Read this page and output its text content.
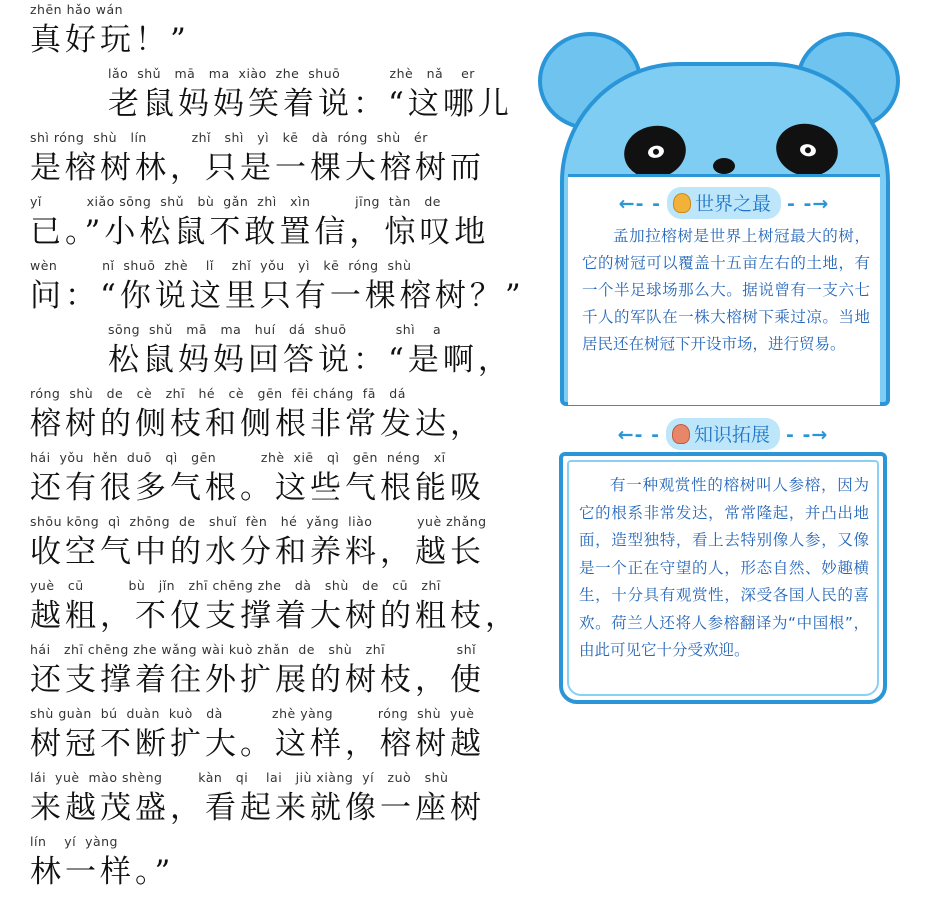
zhēn hǎo wán
真好玩！”
lǎo  shǔ   mā   ma  xiào  zhe  shuō           zhè   nǎ    er
老鼠妈妈笑着说：“这哪儿
shì róng  shù   lín          zhǐ   shì   yì   kē   dà  róng  shù   ér
是榕树林，只是一棵大榕树而
yǐ          xiǎo sōng  shǔ   bù  gǎn  zhì   xìn          jīng  tàn   de
已。”小松鼠不敢置信，惊叹地
wèn          nǐ  shuō  zhè    lǐ    zhǐ  yǒu   yì   kē  róng  shù
问：“你说这里只有一棵榕树？”
sōng  shǔ   mā   ma   huí   dá  shuō           shì    a
松鼠妈妈回答说：“是啊，
róng  shù   de   cè   zhī   hé   cè   gēn  fēi cháng  fā   dá
榕树的侧枝和侧根非常发达，
hái  yǒu  hěn  duō   qì   gēn          zhè  xiē   qì   gēn  néng   xī
还有很多气根。这些气根能吸
shōu kōng  qì  zhōng  de   shuǐ  fèn   hé  yǎng  liào          yuè zhǎng
收空气中的水分和养料，越长
yuè   cū          bù   jǐn   zhī chēng zhe   dà   shù   de   cū   zhī
越粗，不仅支撑着大树的粗枝，
hái   zhī chēng zhe wǎng wài kuò zhǎn  de   shù   zhī                shǐ
还支撑着往外扩展的树枝，使
shù guàn  bú  duàn  kuò   dà           zhè yàng          róng  shù  yuè
树冠不断扩大。这样，榕树越
lái  yuè  mào shèng        kàn   qi    lai   jiù xiàng  yí   zuò   shù
来越茂盛，看起来就像一座树
lín    yí  yàng
林一样。”
←- - 世界之最 - -→
孟加拉榕树是世界上树冠最大的树，它的树冠可以覆盖十五亩左右的土地，有一个半足球场那么大。据说曾有一支六七千人的军队在一株大榕树下乘过凉。当地居民还在树冠下开设市场，进行贸易。
←- - 知识拓展 - -→
有一种观赏性的榕树叫人参榕，因为它的根系非常发达，常常隆起，并凸出地面，造型独特，看上去特别像人参，又像是一个正在守望的人，形态自然、妙趣横生，十分具有观赏性，深受各国人民的喜欢。荷兰人还将人参榕翻译为“中国根”，由此可见它十分受欢迎。
